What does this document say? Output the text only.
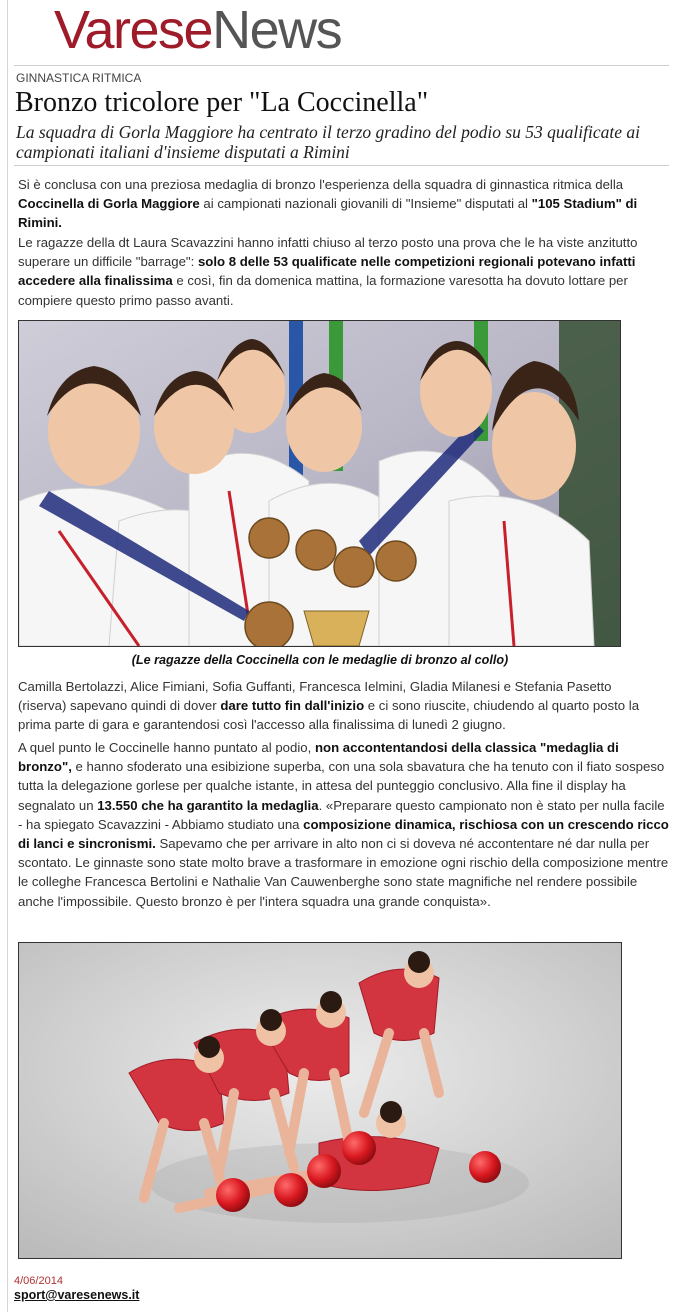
VareseNews
GINNASTICA RITMICA
Bronzo tricolore per "La Coccinella"
La squadra di Gorla Maggiore ha centrato il terzo gradino del podio su 53 qualificate ai campionati italiani d'insieme disputati a Rimini
Si è conclusa con una preziosa medaglia di bronzo l'esperienza della squadra di ginnastica ritmica della Coccinella di Gorla Maggiore ai campionati nazionali giovanili di "Insieme" disputati al "105 Stadium" di Rimini.
Le ragazze della dt Laura Scavazzini hanno infatti chiuso al terzo posto una prova che le ha viste anzitutto superare un difficile "barrage": solo 8 delle 53 qualificate nelle competizioni regionali potevano infatti accedere alla finalissima e così, fin da domenica mattina, la formazione varesotta ha dovuto lottare per compiere questo primo passo avanti.
(Le ragazze della Coccinella con le medaglie di bronzo al collo)
Camilla Bertolazzi, Alice Fimiani, Sofia Guffanti, Francesca Ielmini, Gladia Milanesi e Stefania Pasetto (riserva) sapevano quindi di dover dare tutto fin dall'inizio e ci sono riuscite, chiudendo al quarto posto la prima parte di gara e garantendosi così l'accesso alla finalissima di lunedì 2 giugno.
A quel punto le Coccinelle hanno puntato al podio, non accontentandosi della classica "medaglia di bronzo", e hanno sfoderato una esibizione superba, con una sola sbavatura che ha tenuto con il fiato sospeso tutta la delegazione gorlese per qualche istante, in attesa del punteggio conclusivo. Alla fine il display ha segnalato un 13.550 che ha garantito la medaglia. «Preparare questo campionato non è stato per nulla facile - ha spiegato Scavazzini - Abbiamo studiato una composizione dinamica, rischiosa con un crescendo ricco di lanci e sincronismi. Sapevamo che per arrivare in alto non ci si doveva né accontentare né dar nulla per scontato. Le ginnaste sono state molto brave a trasformare in emozione ogni rischio della composizione mentre le colleghe Francesca Bertolini e Nathalie Van Cauwenberghe sono state magnifiche nel rendere possibile anche l'impossibile. Questo bronzo è per l'intera squadra una grande conquista».
4/06/2014
sport@varesenews.it
